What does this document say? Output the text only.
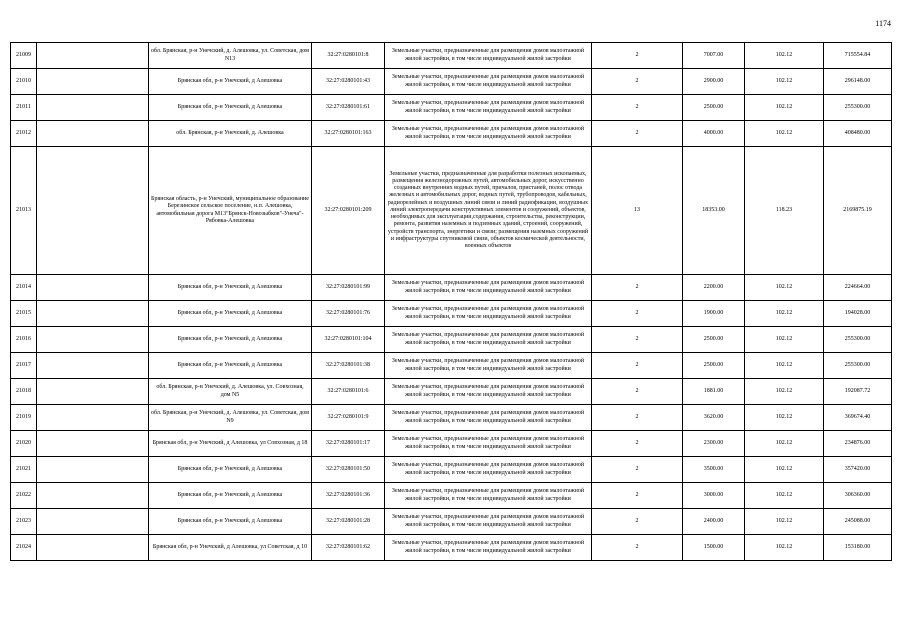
1174
21009		обл. Брянская, р-н Унечский, д. Алешовка, ул. Советская, дом N13	32:27:0280101:8	Земельные участки, предназначенные для размещения домов малоэтажной жилой застройки, в том числе индивидуальной жилой застройки	2	7007.00	102.12	715554.84
21010		Брянская обл, р-н Унечский, д Алешовка	32:27:0280101:43	Земельные участки, предназначенные для размещения домов малоэтажной жилой застройки, в том числе индивидуальной жилой застройки	2	2900.00	102.12	296148.00
21011		Брянская обл, р-н Унечский, д Алешовка	32:27:0280101:61	Земельные участки, предназначенные для размещения домов малоэтажной жилой застройки, в том числе индивидуальной жилой застройки	2	2500.00	102.12	255300.00
21012		обл. Брянская, р-н Унечский, д. Алешовка	32:27:0280101:163	Земельные участки, предназначенные для размещения домов малоэтажной жилой застройки, в том числе индивидуальной жилой застройки	2	4000.00	102.12	408480.00
21013		Брянская область, р-н Унечский, муниципальное образование Березинское сельское поселение, н.п. Алешовка, автомобильная дорога М13"Брянск-Новозыбков"-Унеча"-Рябовка-Алешовка	32:27:0280101:209	Земельные участки, предназначенные для разработки полезных ископаемых, размещения железнодорожных путей, автомобильных дорог, искусственно созданных внутренних водных путей, причалов, пристаней, полос отвода железных и автомобильных дорог, водных путей, трубопроводов, кабельных, радиорелейных и воздушных линий связи и линий радиофикации, воздушных линий электропередачи конструктивных элементов и сооружений, объектов, необходимых для эксплуатации,содержания, строительства, реконструкции, ремонта, развития наземных и подземных зданий, строений, сооружений, устройств транспорта, энергетики и связи; размещения наземных сооружений и инфраструктуры спутниковой связи, объектов космической деятельности, военных объектов	13	18353.00	118.23	2169875.19
21014		Брянская обл, р-н Унечский, д Алешовка	32:27:0280101:99	Земельные участки, предназначенные для размещения домов малоэтажной жилой застройки, в том числе индивидуальной жилой застройки	2	2200.00	102.12	224664.00
21015		Брянская обл, р-н Унечский, д Алешовка	32:27:0280101:76	Земельные участки, предназначенные для размещения домов малоэтажной жилой застройки, в том числе индивидуальной жилой застройки	2	1900.00	102.12	194028.00
21016		Брянская обл, р-н Унечский, д Алешовка	32:27:0280101:104	Земельные участки, предназначенные для размещения домов малоэтажной жилой застройки, в том числе индивидуальной жилой застройки	2	2500.00	102.12	255300.00
21017		Брянская обл, р-н Унечский, д Алешовка	32:27:0280101:38	Земельные участки, предназначенные для размещения домов малоэтажной жилой застройки, в том числе индивидуальной жилой застройки	2	2500.00	102.12	255300.00
21018		обл. Брянская, р-н Унечский, д. Алешовка, ул. Совхозная, дом N5	32:27:0280101:6	Земельные участки, предназначенные для размещения домов малоэтажной жилой застройки, в том числе индивидуальной жилой застройки	2	1881.00	102.12	192087.72
21019		обл. Брянская, р-н Унечский, д. Алешовка, ул. Советская, дом N9	32:27:0280101:9	Земельные участки, предназначенные для размещения домов малоэтажной жилой застройки, в том числе индивидуальной жилой застройки	2	3620.00	102.12	369674.40
21020		Брянская обл, р-н Унечский, д Алешовка, ул Совхозная, д 18	32:27:0280101:17	Земельные участки, предназначенные для размещения домов малоэтажной жилой застройки, в том числе индивидуальной жилой застройки	2	2300.00	102.12	234876.00
21021		Брянская обл, р-н Унечский, д Алешовка	32:27:0280101:50	Земельные участки, предназначенные для размещения домов малоэтажной жилой застройки, в том числе индивидуальной жилой застройки	2	3500.00	102.12	357420.00
21022		Брянская обл, р-н Унечский, д Алешовка	32:27:0280101:36	Земельные участки, предназначенные для размещения домов малоэтажной жилой застройки, в том числе индивидуальной жилой застройки	2	3000.00	102.12	306360.00
21023		Брянская обл, р-н Унечский, д Алешовка	32:27:0280101:28	Земельные участки, предназначенные для размещения домов малоэтажной жилой застройки, в том числе индивидуальной жилой застройки	2	2400.00	102.12	245088.00
21024		Брянская обл, р-н Унечский, д Алешовка, ул Советская, д 10	32:27:0280101:62	Земельные участки, предназначенные для размещения домов малоэтажной жилой застройки, в том числе индивидуальной жилой застройки	2	1500.00	102.12	153180.00
